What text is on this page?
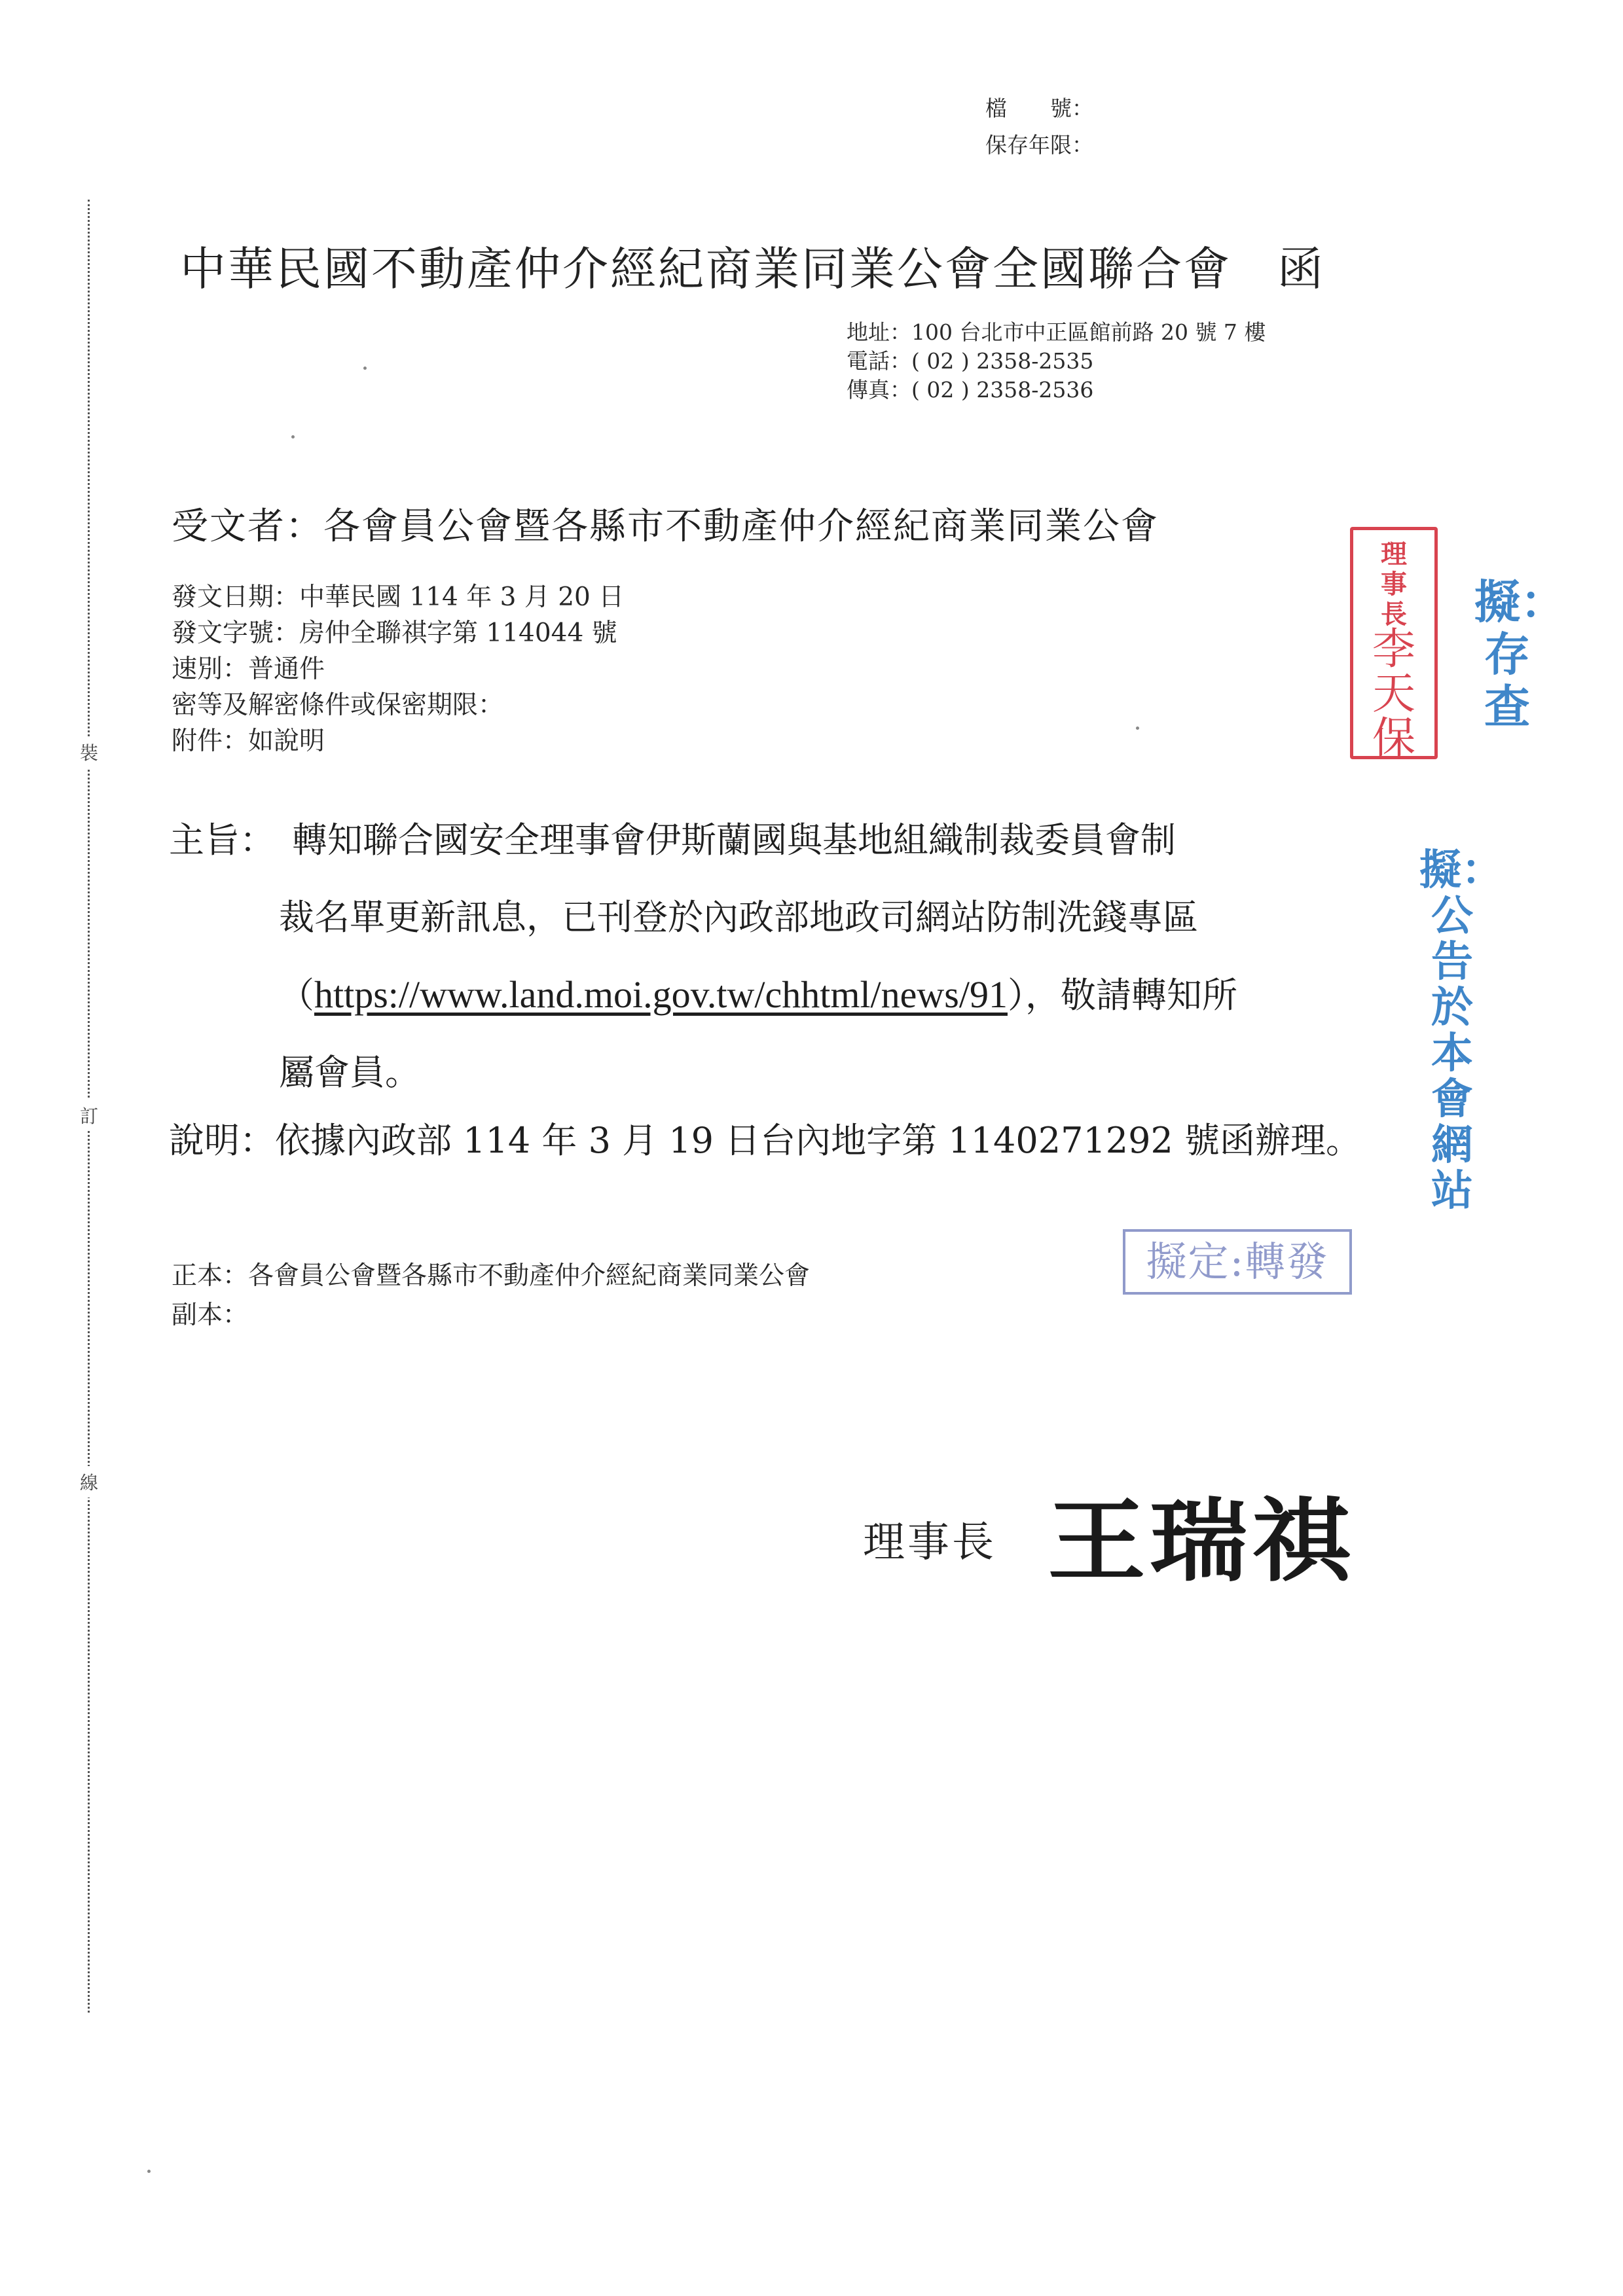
檔　　號：
保存年限：
裝
訂
線
中華民國不動產仲介經紀商業同業公會全國聯合會 函
地址：100 台北市中正區館前路 20 號 7 樓
電話：( 02 ) 2358-2535
傳真：( 02 ) 2358-2536
受文者：各會員公會暨各縣市不動產仲介經紀商業同業公會
發文日期：中華民國 114 年 3 月 20 日
發文字號：房仲全聯祺字第 114044 號
速別：普通件
密等及解密條件或保密期限：
附件：如說明
主旨： 轉知聯合國安全理事會伊斯蘭國與基地組織制裁委員會制
裁名單更新訊息，已刊登於內政部地政司網站防制洗錢專區
（https://www.land.moi.gov.tw/chhtml/news/91），敬請轉知所
屬會員。
說明：依據內政部 114 年 3 月 19 日台內地字第 1140271292 號函辦理。
正本：各會員公會暨各縣市不動產仲介經紀商業同業公會
副本：
擬定:轉發
理事長 王瑞祺
理事長
李天保
擬：存查
擬：公告於本會網站
